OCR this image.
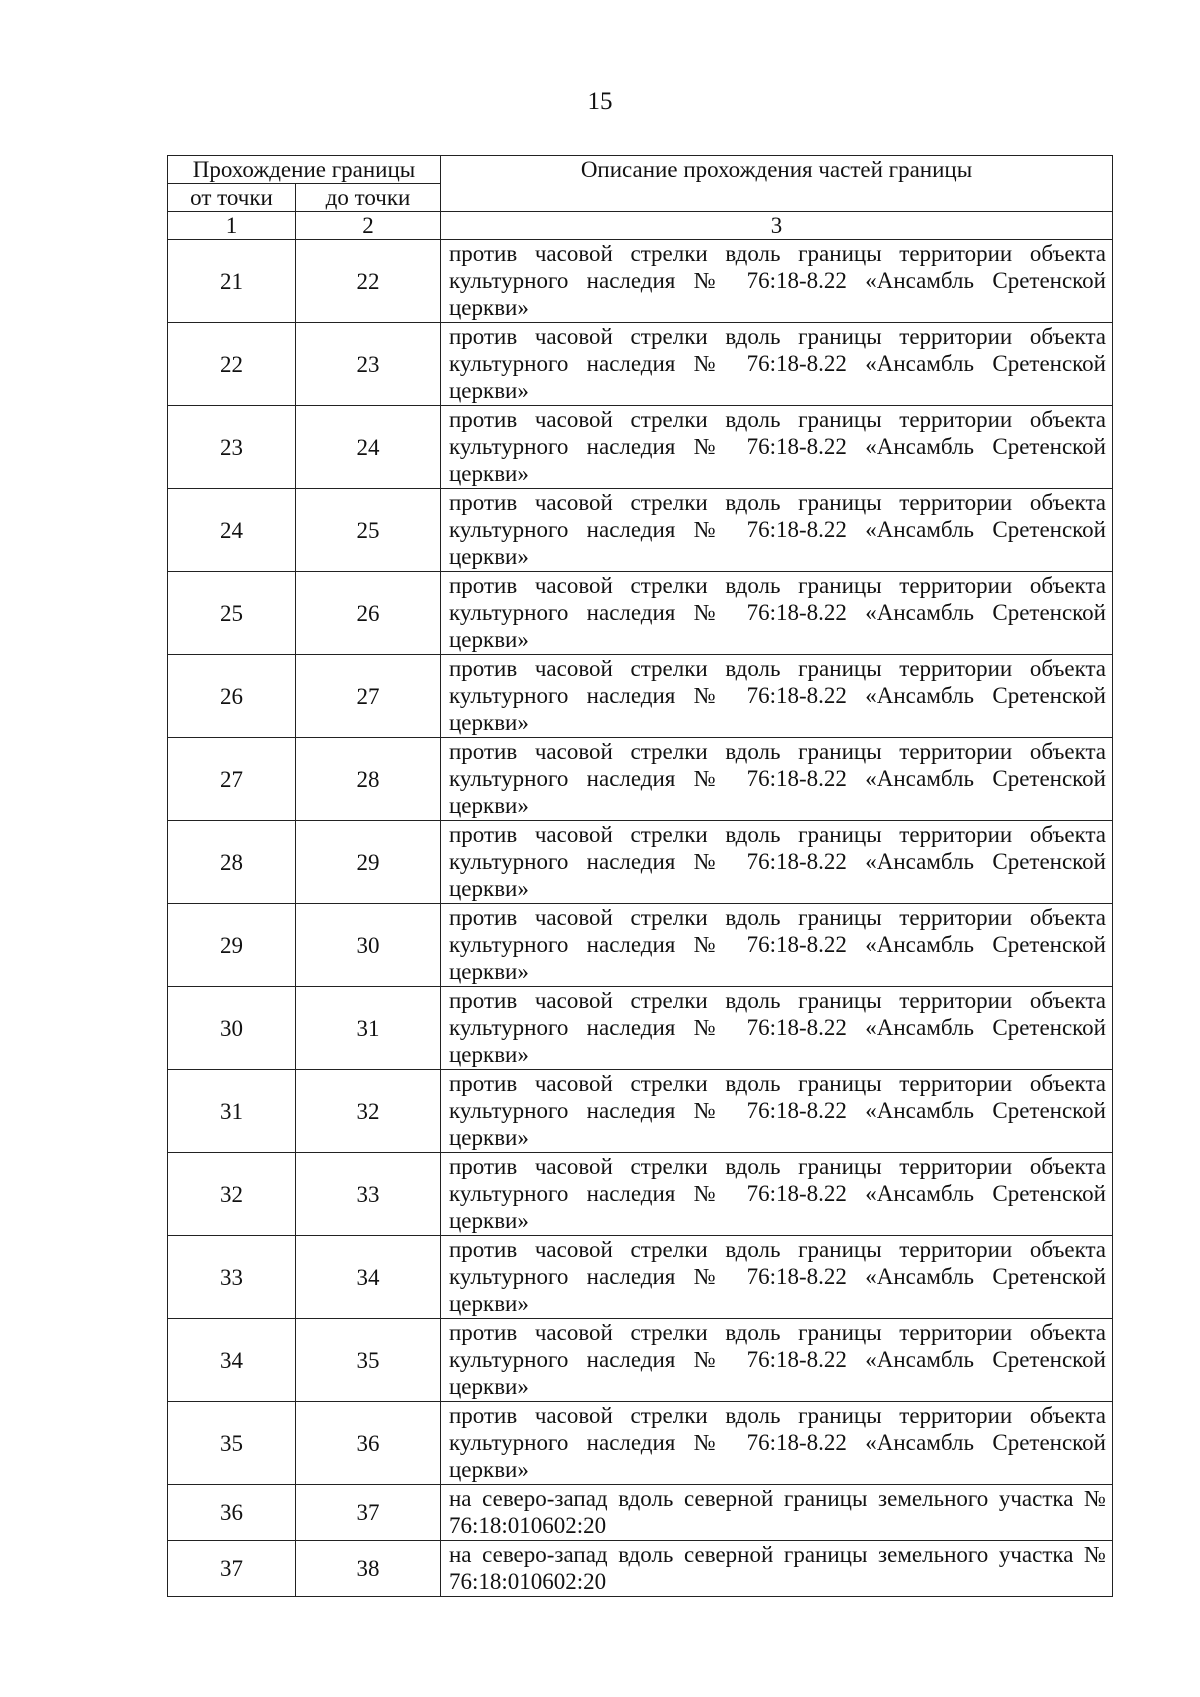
15
Прохождение границы		Описание прохождения частей границы
от точки	до точки	
1	2	3
21	22	против часовой стрелки вдоль границы территории объекта культурного наследия № 76:18-8.22 «Ансамбль Сретенской церкви»
22	23	против часовой стрелки вдоль границы территории объекта культурного наследия № 76:18-8.22 «Ансамбль Сретенской церкви»
23	24	против часовой стрелки вдоль границы территории объекта культурного наследия № 76:18-8.22 «Ансамбль Сретенской церкви»
24	25	против часовой стрелки вдоль границы территории объекта культурного наследия № 76:18-8.22 «Ансамбль Сретенской церкви»
25	26	против часовой стрелки вдоль границы территории объекта культурного наследия № 76:18-8.22 «Ансамбль Сретенской церкви»
26	27	против часовой стрелки вдоль границы территории объекта культурного наследия № 76:18-8.22 «Ансамбль Сретенской церкви»
27	28	против часовой стрелки вдоль границы территории объекта культурного наследия № 76:18-8.22 «Ансамбль Сретенской церкви»
28	29	против часовой стрелки вдоль границы территории объекта культурного наследия № 76:18-8.22 «Ансамбль Сретенской церкви»
29	30	против часовой стрелки вдоль границы территории объекта культурного наследия № 76:18-8.22 «Ансамбль Сретенской церкви»
30	31	против часовой стрелки вдоль границы территории объекта культурного наследия № 76:18-8.22 «Ансамбль Сретенской церкви»
31	32	против часовой стрелки вдоль границы территории объекта культурного наследия № 76:18-8.22 «Ансамбль Сретенской церкви»
32	33	против часовой стрелки вдоль границы территории объекта культурного наследия № 76:18-8.22 «Ансамбль Сретенской церкви»
33	34	против часовой стрелки вдоль границы территории объекта культурного наследия № 76:18-8.22 «Ансамбль Сретенской церкви»
34	35	против часовой стрелки вдоль границы территории объекта культурного наследия № 76:18-8.22 «Ансамбль Сретенской церкви»
35	36	против часовой стрелки вдоль границы территории объекта культурного наследия № 76:18-8.22 «Ансамбль Сретенской церкви»
36	37	на северо-запад вдоль северной границы земельного участка № 76:18:010602:20
37	38	на северо-запад вдоль северной границы земельного участка № 76:18:010602:20
